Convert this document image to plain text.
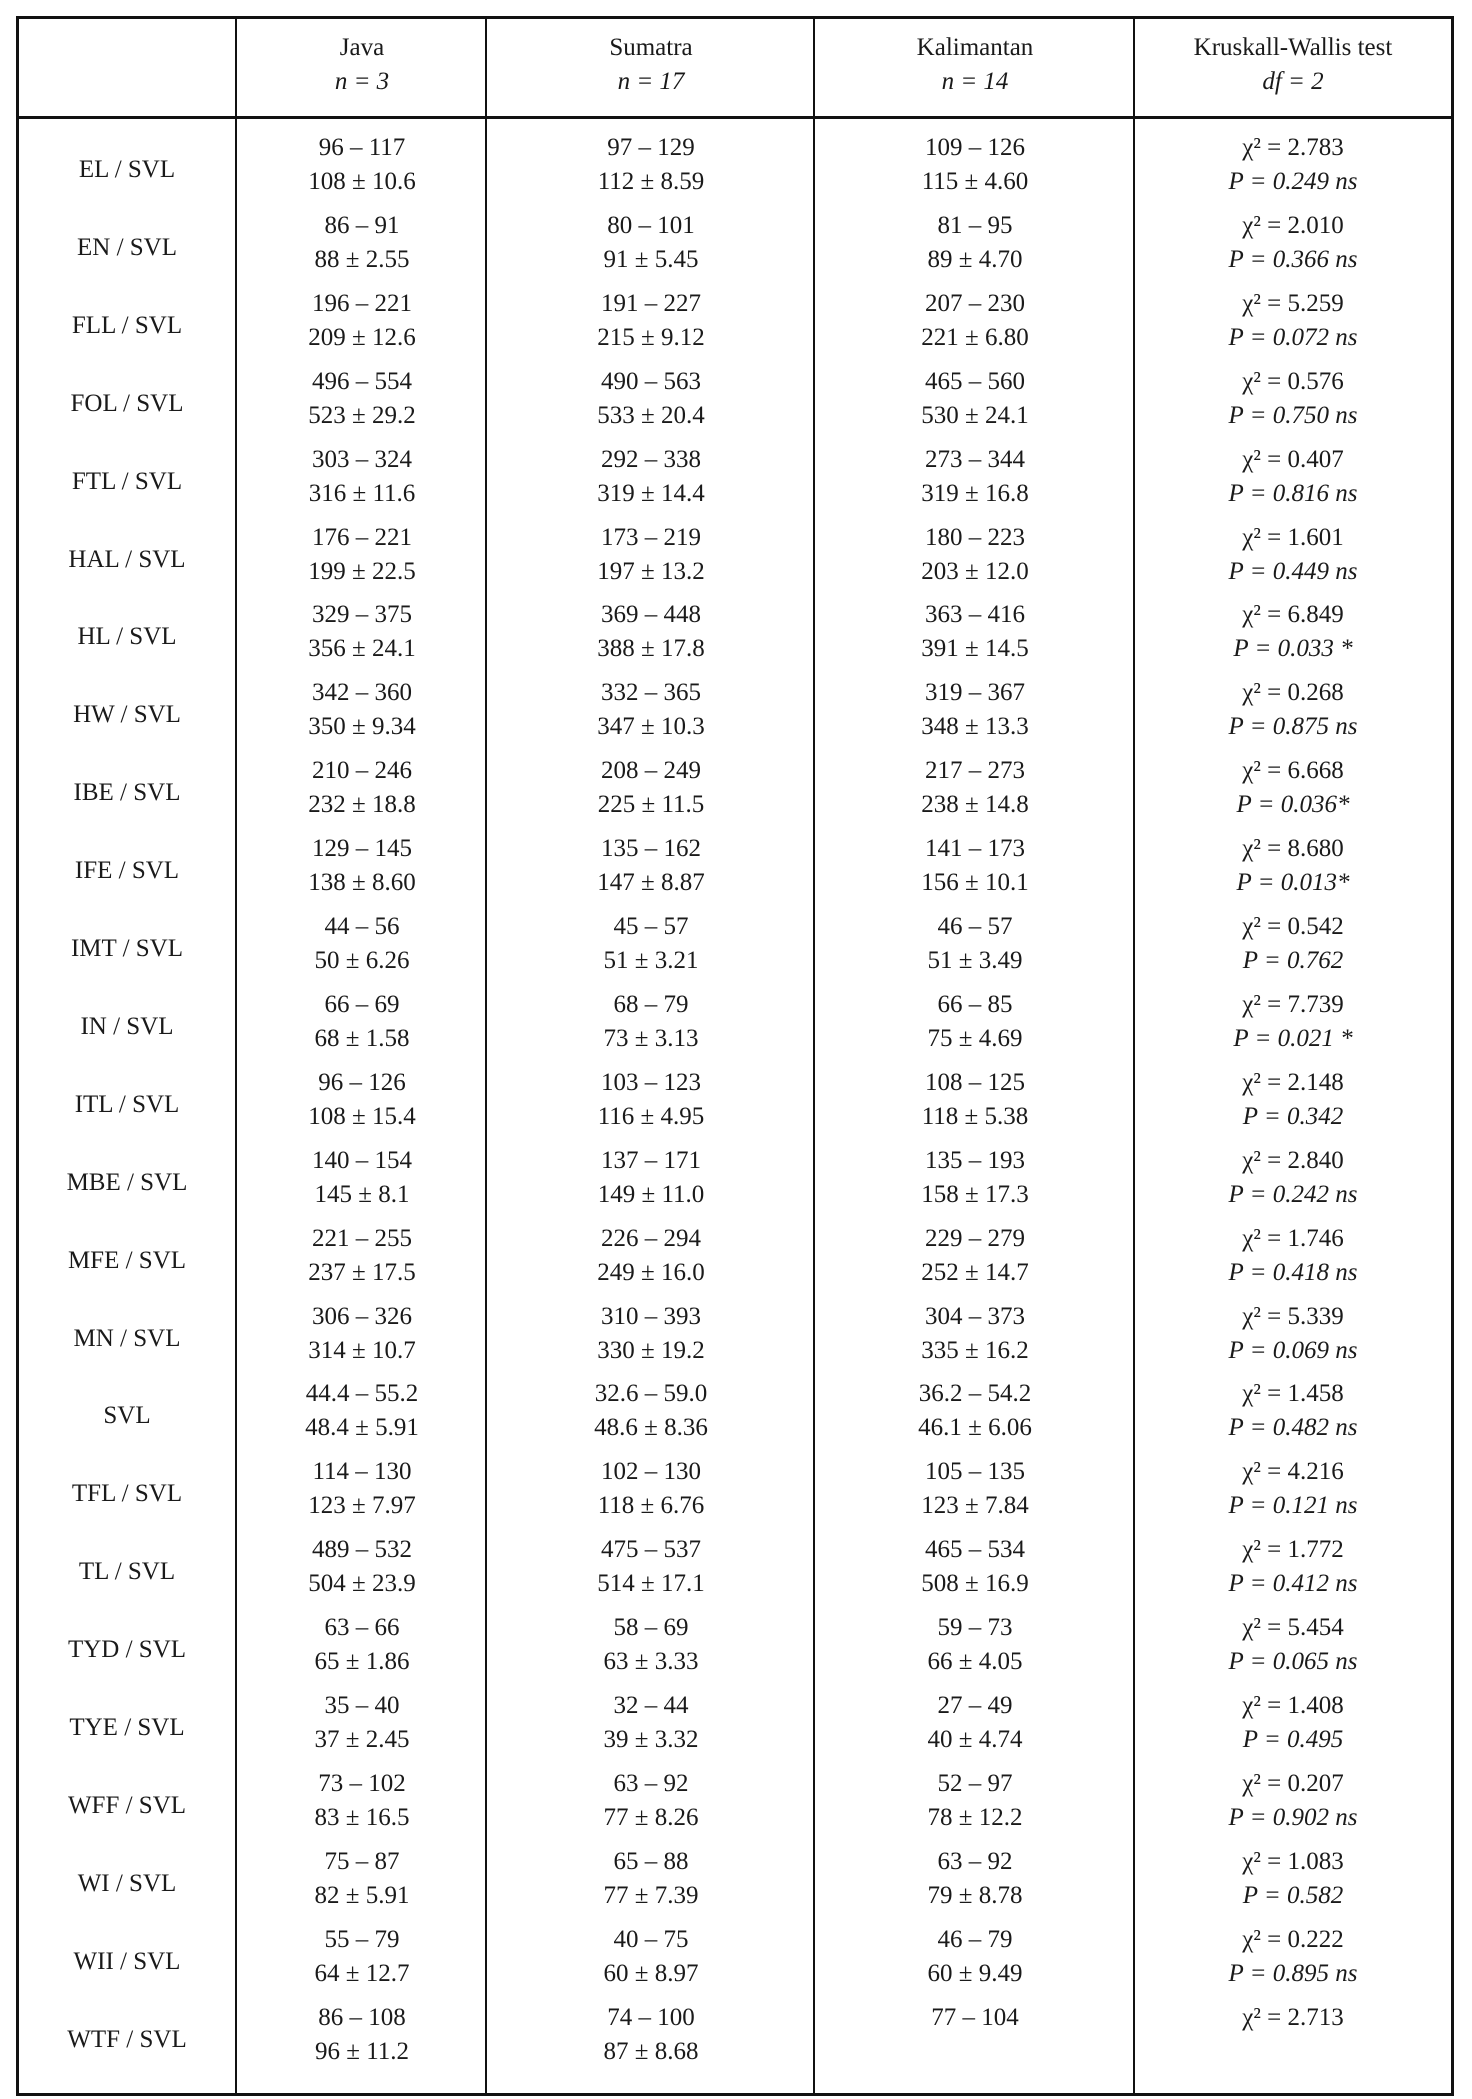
Java
n = 3
Sumatra
n = 17
Kalimantan
n = 14
Kruskall-Wallis test
df = 2
EL / SVL
96 – 117
108 ± 10.6
97 – 129
112 ± 8.59
109 – 126
115 ± 4.60
χ² = 2.783
P = 0.249 ns
EN / SVL
86 – 91
88 ± 2.55
80 – 101
91 ± 5.45
81 – 95
89 ± 4.70
χ² = 2.010
P = 0.366 ns
FLL / SVL
196 – 221
209 ± 12.6
191 – 227
215 ± 9.12
207 – 230
221 ± 6.80
χ² = 5.259
P = 0.072 ns
FOL / SVL
496 – 554
523 ± 29.2
490 – 563
533 ± 20.4
465 – 560
530 ± 24.1
χ² = 0.576
P = 0.750 ns
FTL / SVL
303 – 324
316 ± 11.6
292 – 338
319 ± 14.4
273 – 344
319 ± 16.8
χ² = 0.407
P = 0.816 ns
HAL / SVL
176 – 221
199 ± 22.5
173 – 219
197 ± 13.2
180 – 223
203 ± 12.0
χ² = 1.601
P = 0.449 ns
HL / SVL
329 – 375
356 ± 24.1
369 – 448
388 ± 17.8
363 – 416
391 ± 14.5
χ² = 6.849
P = 0.033 *
HW / SVL
342 – 360
350 ± 9.34
332 – 365
347 ± 10.3
319 – 367
348 ± 13.3
χ² = 0.268
P = 0.875 ns
IBE / SVL
210 – 246
232 ± 18.8
208 – 249
225 ± 11.5
217 – 273
238 ± 14.8
χ² = 6.668
P = 0.036*
IFE / SVL
129 – 145
138 ± 8.60
135 – 162
147 ± 8.87
141 – 173
156 ± 10.1
χ² = 8.680
P = 0.013*
IMT / SVL
44 – 56
50 ± 6.26
45 – 57
51 ± 3.21
46 – 57
51 ± 3.49
χ² = 0.542
P = 0.762
IN / SVL
66 – 69
68 ± 1.58
68 – 79
73 ± 3.13
66 – 85
75 ± 4.69
χ² = 7.739
P = 0.021 *
ITL / SVL
96 – 126
108 ± 15.4
103 – 123
116 ± 4.95
108 – 125
118 ± 5.38
χ² = 2.148
P = 0.342
MBE / SVL
140 – 154
145 ± 8.1
137 – 171
149 ± 11.0
135 – 193
158 ± 17.3
χ² = 2.840
P = 0.242 ns
MFE / SVL
221 – 255
237 ± 17.5
226 – 294
249 ± 16.0
229 – 279
252 ± 14.7
χ² = 1.746
P = 0.418 ns
MN / SVL
306 – 326
314 ± 10.7
310 – 393
330 ± 19.2
304 – 373
335 ± 16.2
χ² = 5.339
P = 0.069 ns
SVL
44.4 – 55.2
48.4 ± 5.91
32.6 – 59.0
48.6 ± 8.36
36.2 – 54.2
46.1 ± 6.06
χ² = 1.458
P = 0.482 ns
TFL / SVL
114 – 130
123 ± 7.97
102 – 130
118 ± 6.76
105 – 135
123 ± 7.84
χ² = 4.216
P = 0.121 ns
TL / SVL
489 – 532
504 ± 23.9
475 – 537
514 ± 17.1
465 – 534
508 ± 16.9
χ² = 1.772
P = 0.412 ns
TYD / SVL
63 – 66
65 ± 1.86
58 – 69
63 ± 3.33
59 – 73
66 ± 4.05
χ² = 5.454
P = 0.065 ns
TYE / SVL
35 – 40
37 ± 2.45
32 – 44
39 ± 3.32
27 – 49
40 ± 4.74
χ² = 1.408
P = 0.495
WFF / SVL
73 – 102
83 ± 16.5
63 – 92
77 ± 8.26
52 – 97
78 ± 12.2
χ² = 0.207
P = 0.902 ns
WI / SVL
75 – 87
82 ± 5.91
65 – 88
77 ± 7.39
63 – 92
79 ± 8.78
χ² = 1.083
P = 0.582
WII / SVL
55 – 79
64 ± 12.7
40 – 75
60 ± 8.97
46 – 79
60 ± 9.49
χ² = 0.222
P = 0.895 ns
WTF / SVL
86 – 108
96 ± 11.2
74 – 100
87 ± 8.68
77 – 104	χ² = 2.713
